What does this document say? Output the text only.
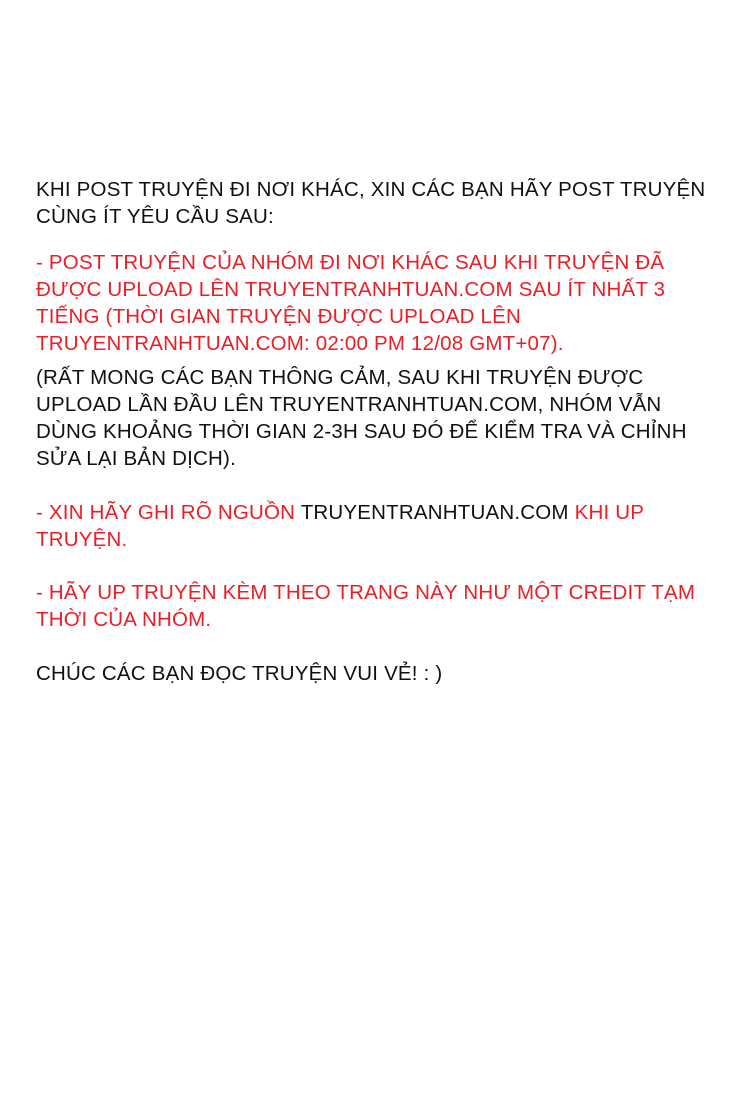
KHI POST TRUYỆN ĐI NƠI KHÁC, XIN CÁC BẠN HÃY POST TRUYỆN CÙNG ÍT YÊU CẦU SAU:

- POST TRUYỆN CỦA NHÓM ĐI NƠI KHÁC SAU KHI TRUYỆN ĐÃ ĐƯỢC UPLOAD LÊN TRUYENTRANHTUAN.COM SAU ÍT NHẤT 3 TIẾNG (THỜI GIAN TRUYỆN ĐƯỢC UPLOAD LÊN TRUYENTRANHTUAN.COM: 02:00 PM 12/08 GMT+07).

(RẤT MONG CÁC BẠN THÔNG CẢM, SAU KHI TRUYỆN ĐƯỢC UPLOAD LẦN ĐẦU LÊN TRUYENTRANHTUAN.COM, NHÓM VẪN DÙNG KHOẢNG THỜI GIAN 2-3H SAU ĐÓ ĐỂ KIỂM TRA VÀ CHỈNH SỬA LẠI BẢN DỊCH).

- XIN HÃY GHI RÕ NGUỒN TRUYENTRANHTUAN.COM KHI UP TRUYỆN.

- HÃY UP TRUYỆN KÈM THEO TRANG NÀY NHƯ MỘT CREDIT TẠM THỜI CỦA NHÓM.

CHÚC CÁC BẠN ĐỌC TRUYỆN VUI VẺ! : )
